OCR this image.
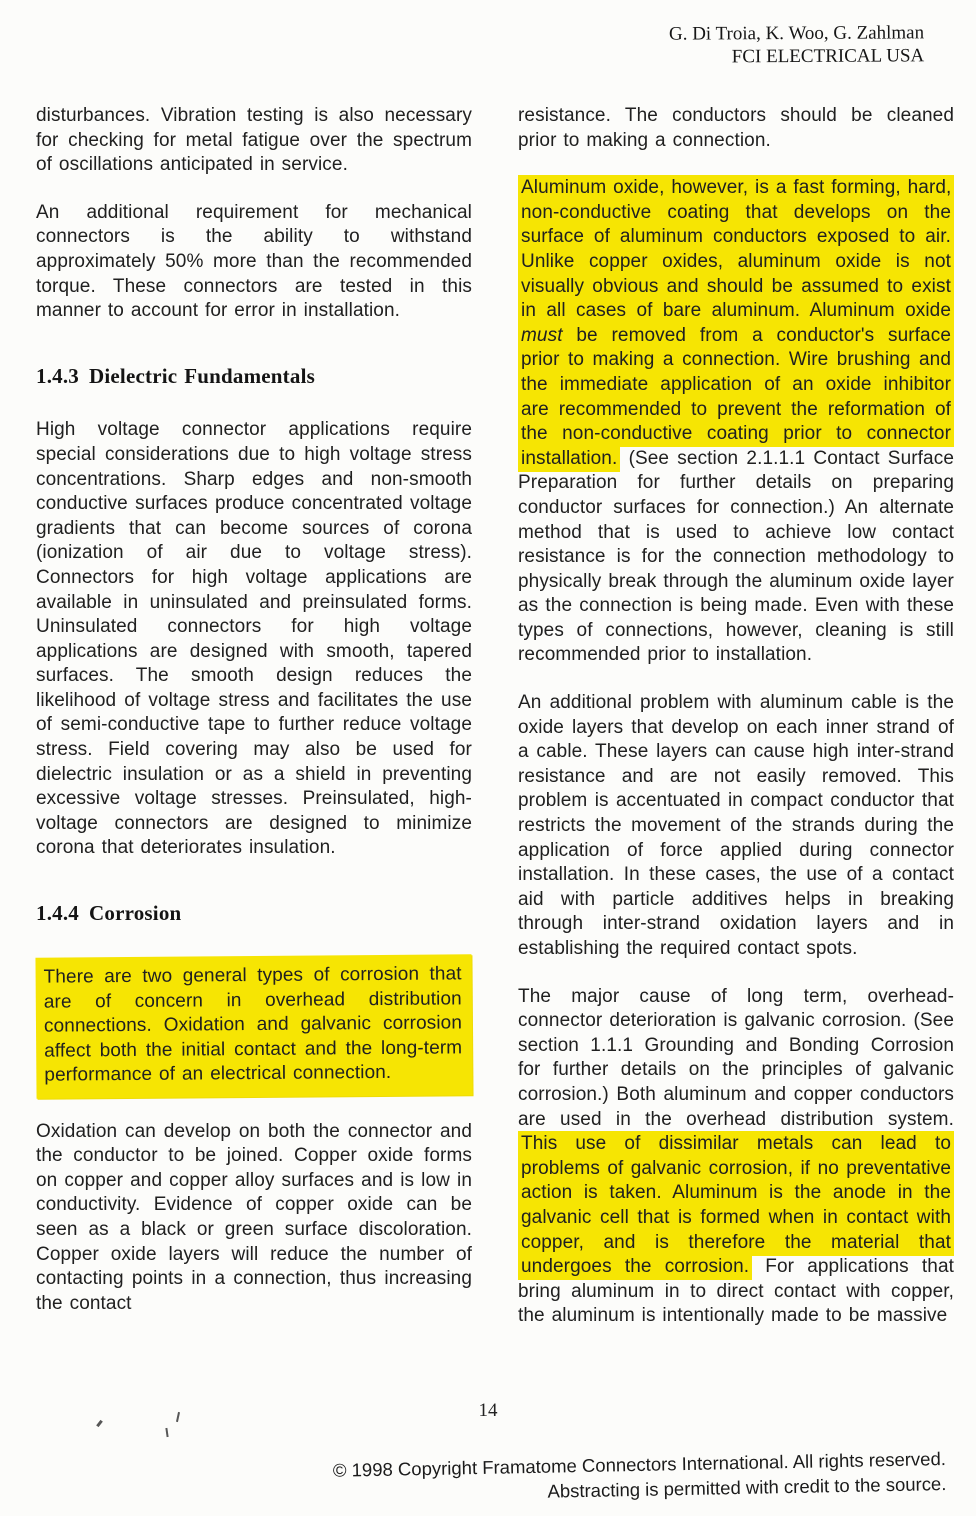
G. Di Troia, K. Woo, G. Zahlman
FCI ELECTRICAL USA

disturbances. Vibration testing is also necessary for checking for metal fatigue over the spectrum of oscillations anticipated in service.

An additional requirement for mechanical connectors is the ability to withstand approximately 50% more than the recommended torque. These connectors are tested in this manner to account for error in installation.

1.4.3 Dielectric Fundamentals

High voltage connector applications require special considerations due to high voltage stress concentrations. Sharp edges and non-smooth conductive surfaces produce concentrated voltage gradients that can become sources of corona (ionization of air due to voltage stress). Connectors for high voltage applications are available in uninsulated and preinsulated forms. Uninsulated connectors for high voltage applications are designed with smooth, tapered surfaces. The smooth design reduces the likelihood of voltage stress and facilitates the use of semi-conductive tape to further reduce voltage stress. Field covering may also be used for dielectric insulation or as a shield in preventing excessive voltage stresses. Preinsulated, high-voltage connectors are designed to minimize corona that deteriorates insulation.

1.4.4 Corrosion

There are two general types of corrosion that are of concern in overhead distribution connections. Oxidation and galvanic corrosion affect both the initial contact and the long-term performance of an electrical connection.

Oxidation can develop on both the connector and the conductor to be joined. Copper oxide forms on copper and copper alloy surfaces and is low in conductivity. Evidence of copper oxide can be seen as a black or green surface discoloration. Copper oxide layers will reduce the number of contacting points in a connection, thus increasing the contact

resistance. The conductors should be cleaned prior to making a connection.

Aluminum oxide, however, is a fast forming, hard, non-conductive coating that develops on the surface of aluminum conductors exposed to air. Unlike copper oxides, aluminum oxide is not visually obvious and should be assumed to exist in all cases of bare aluminum. Aluminum oxide must be removed from a conductor's surface prior to making a connection. Wire brushing and the immediate application of an oxide inhibitor are recommended to prevent the reformation of the non-conductive coating prior to connector installation. (See section 2.1.1.1 Contact Surface Preparation for further details on preparing conductor surfaces for connection.) An alternate method that is used to achieve low contact resistance is for the connection methodology to physically break through the aluminum oxide layer as the connection is being made. Even with these types of connections, however, cleaning is still recommended prior to installation.

An additional problem with aluminum cable is the oxide layers that develop on each inner strand of a cable. These layers can cause high inter-strand resistance and are not easily removed. This problem is accentuated in compact conductor that restricts the movement of the strands during the application of force applied during connector installation. In these cases, the use of a contact aid with particle additives helps in breaking through inter-strand oxidation layers and in establishing the required contact spots.

The major cause of long term, overhead-connector deterioration is galvanic corrosion. (See section 1.1.1 Grounding and Bonding Corrosion for further details on the principles of galvanic corrosion.) Both aluminum and copper conductors are used in the overhead distribution system. This use of dissimilar metals can lead to problems of galvanic corrosion, if no preventative action is taken. Aluminum is the anode in the galvanic cell that is formed when in contact with copper, and is therefore the material that undergoes the corrosion. For applications that bring aluminum in to direct contact with copper, the aluminum is intentionally made to be massive

14
© 1998 Copyright Framatome Connectors International. All rights reserved.
Abstracting is permitted with credit to the source.
